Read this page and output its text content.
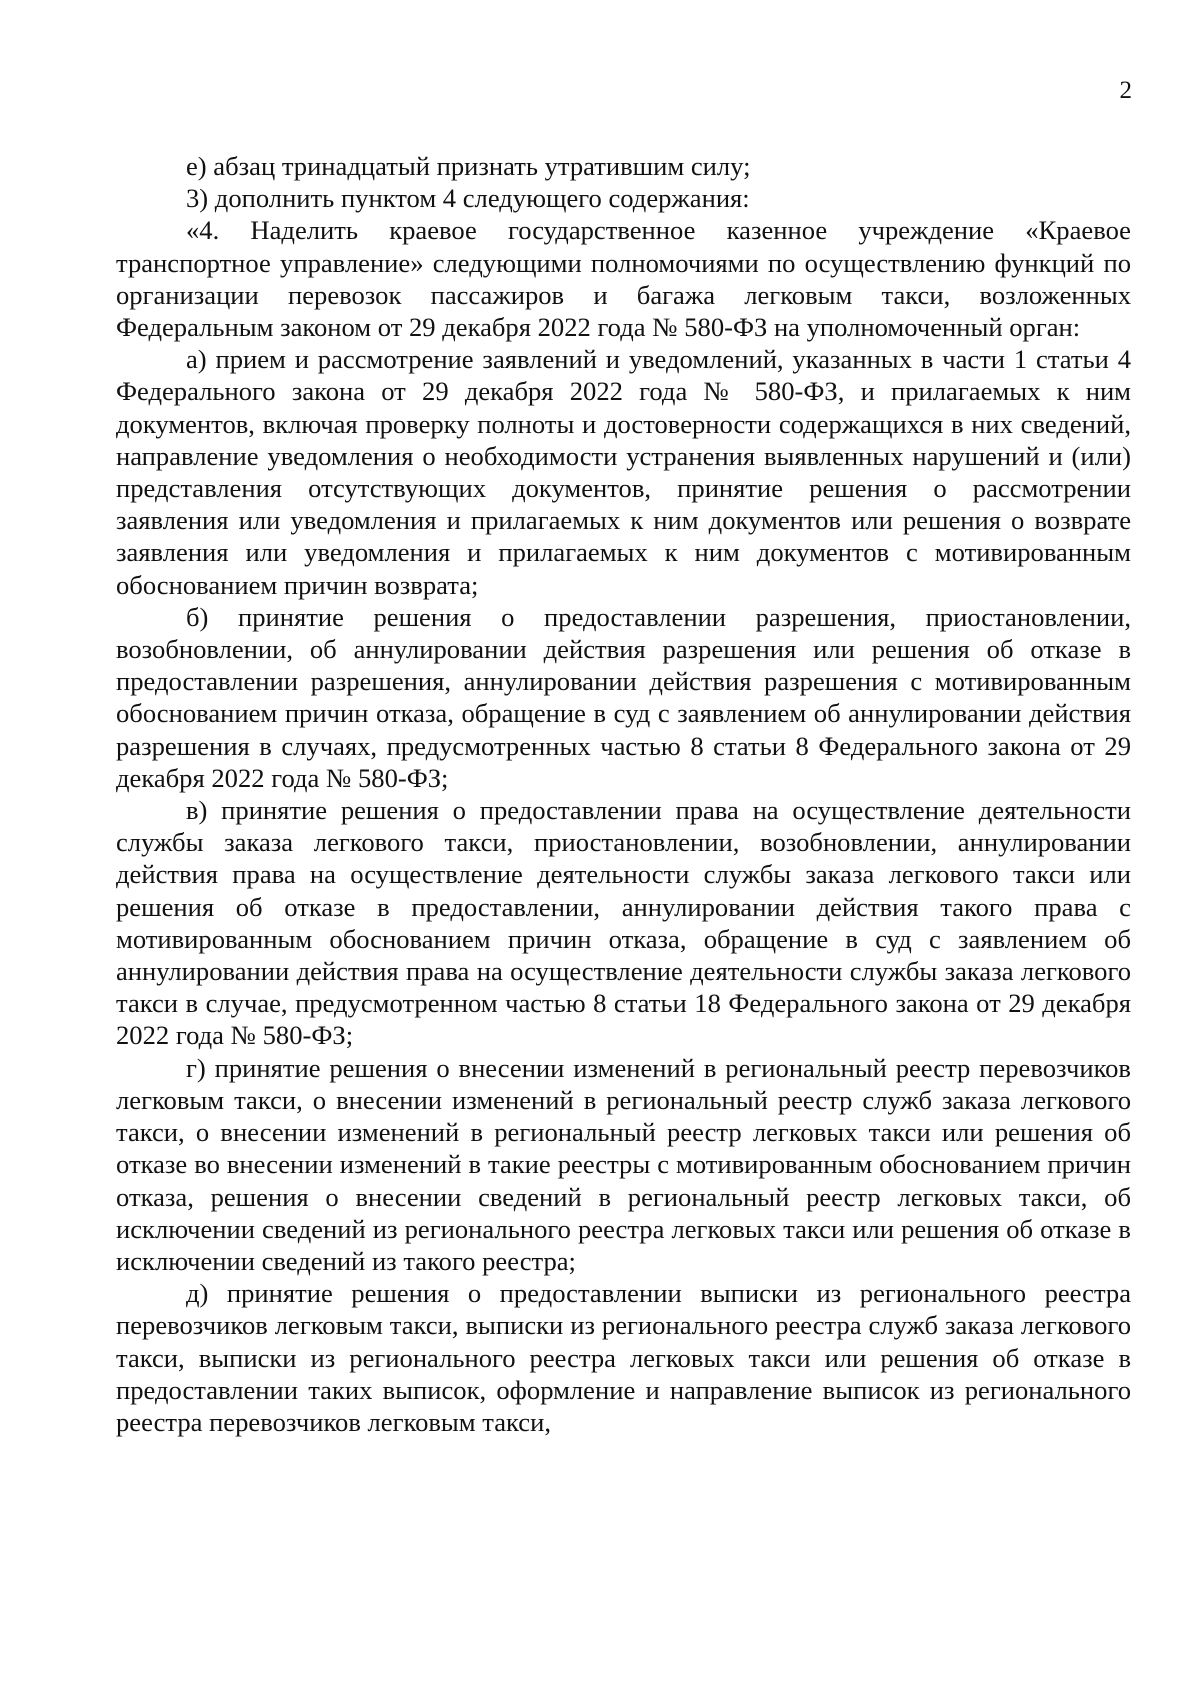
2

е) абзац тринадцатый признать утратившим силу;

3) дополнить пунктом 4 следующего содержания:

«4. Наделить краевое государственное казенное учреждение «Краевое транспортное управление» следующими полномочиями по осуществлению функций по организации перевозок пассажиров и багажа легковым такси, возложенных Федеральным законом от 29 декабря 2022 года № 580-ФЗ на уполномоченный орган:

а) прием и рассмотрение заявлений и уведомлений, указанных в части 1 статьи 4 Федерального закона от 29 декабря 2022 года № 580-ФЗ, и прилагаемых к ним документов, включая проверку полноты и достоверности содержащихся в них сведений, направление уведомления о необходимости устранения выявленных нарушений и (или) представления отсутствующих документов, принятие решения о рассмотрении заявления или уведомления и прилагаемых к ним документов или решения о возврате заявления или уведомления и прилагаемых к ним документов с мотивированным обоснованием причин возврата;

б) принятие решения о предоставлении разрешения, приостановлении, возобновлении, об аннулировании действия разрешения или решения об отказе в предоставлении разрешения, аннулировании действия разрешения с мотивированным обоснованием причин отказа, обращение в суд с заявлением об аннулировании действия разрешения в случаях, предусмотренных частью 8 статьи 8 Федерального закона от 29 декабря 2022 года № 580-ФЗ;

в) принятие решения о предоставлении права на осуществление деятельности службы заказа легкового такси, приостановлении, возобновлении, аннулировании действия права на осуществление деятельности службы заказа легкового такси или решения об отказе в предоставлении, аннулировании действия такого права с мотивированным обоснованием причин отказа, обращение в суд с заявлением об аннулировании действия права на осуществление деятельности службы заказа легкового такси в случае, предусмотренном частью 8 статьи 18 Федерального закона от 29 декабря 2022 года № 580-ФЗ;

г) принятие решения о внесении изменений в региональный реестр перевозчиков легковым такси, о внесении изменений в региональный реестр служб заказа легкового такси, о внесении изменений в региональный реестр легковых такси или решения об отказе во внесении изменений в такие реестры с мотивированным обоснованием причин отказа, решения о внесении сведений в региональный реестр легковых такси, об исключении сведений из регионального реестра легковых такси или решения об отказе в исключении сведений из такого реестра;

д) принятие решения о предоставлении выписки из регионального реестра перевозчиков легковым такси, выписки из регионального реестра служб заказа легкового такси, выписки из регионального реестра легковых такси или решения об отказе в предоставлении таких выписок, оформление и направление выписок из регионального реестра перевозчиков легковым такси,
